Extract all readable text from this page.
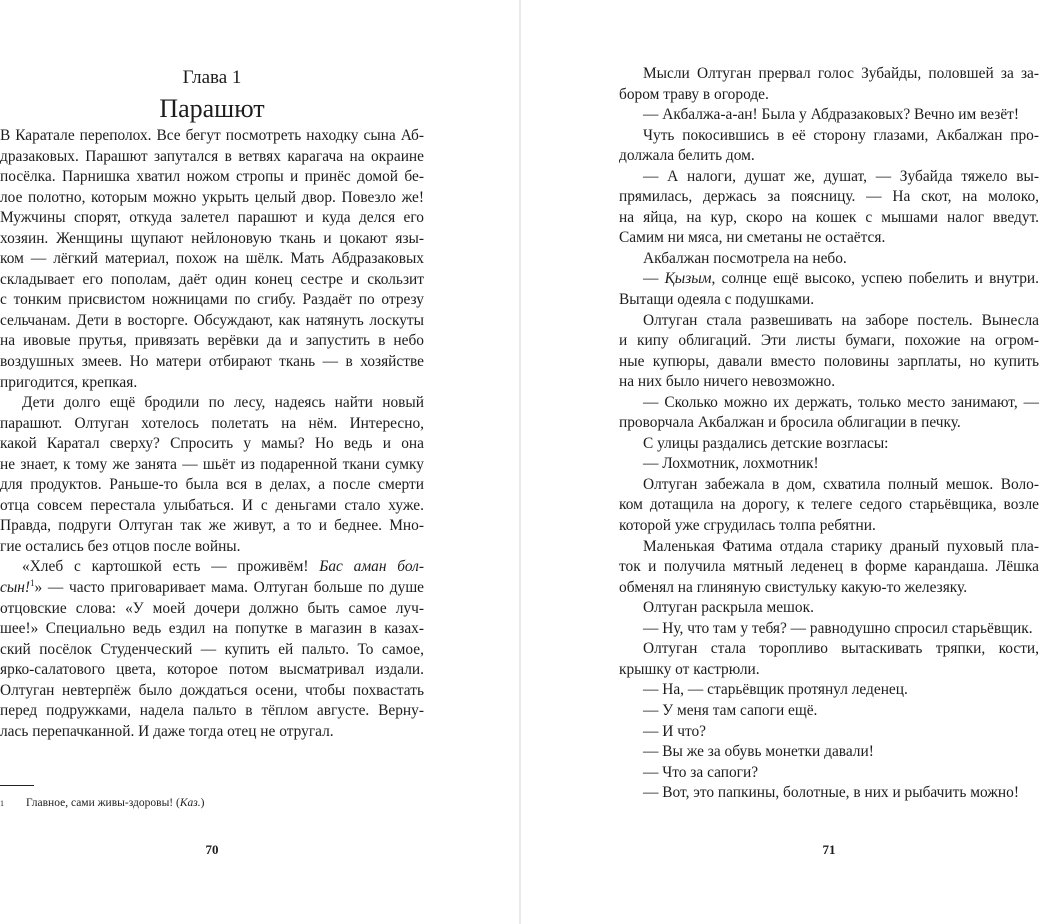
Глава 1
Парашют
В Каратале переполох. Все бегут посмотреть находку сына Аб-
дразаковых. Парашют запутался в ветвях карагача на окраине
посёлка. Парнишка хватил ножом стропы и принёс домой бе-
лое полотно, которым можно укрыть целый двор. Повезло же!
Мужчины спорят, откуда залетел парашют и куда делся его
хозяин. Женщины щупают нейлоновую ткань и цокают язы-
ком — лёгкий материал, похож на шёлк. Мать Абдразаковых
складывает его пополам, даёт один конец сестре и скользит
с тонким присвистом ножницами по сгибу. Раздаёт по отрезу
сельчанам. Дети в восторге. Обсуждают, как натянуть лоскуты
на ивовые прутья, привязать верёвки да и запустить в небо
воздушных змеев. Но матери отбирают ткань — в хозяйстве
пригодится, крепкая.
Дети долго ещё бродили по лесу, надеясь найти новый
парашют. Олтуган хотелось полетать на нём. Интересно,
какой Каратал сверху? Спросить у мамы? Но ведь и она
не знает, к тому же занята — шьёт из подаренной ткани сумку
для продуктов. Раньше-то была вся в делах, а после смерти
отца совсем перестала улыбаться. И с деньгами стало хуже.
Правда, подруги Олтуган так же живут, а то и беднее. Мно-
гие остались без отцов после войны.
«Хлеб с картошкой есть — проживём! Бас аман бол-
сын!$^1$» — часто приговаривает мама. Олтуган больше по душе
отцовские слова: «У моей дочери должно быть самое луч-
шее!» Специально ведь ездил на попутке в магазин в казах-
ский посёлок Студенческий — купить ей пальто. То самое,
ярко-салатового цвета, которое потом высматривал издали.
Олтуган невтерпёж было дождаться осени, чтобы похвастать
перед подружками, надела пальто в тёплом августе. Верну-
лась перепачканной. И даже тогда отец не отругал.
1 Главное, сами живы-здоровы! (Каз.)
70
Мысли Олтуган прервал голос Зубайды, половшей за за-
бором траву в огороде.
— Акбалжа-а-ан! Была у Абдразаковых? Вечно им везёт!
Чуть покосившись в её сторону глазами, Акбалжан про-
должала белить дом.
— А налоги, душат же, душат, — Зубайда тяжело вы-
прямилась, держась за поясницу. — На скот, на молоко,
на яйца, на кур, скоро на кошек с мышами налог введут.
Самим ни мяса, ни сметаны не остаётся.
Акбалжан посмотрела на небо.
— Қызым, солнце ещё высоко, успею побелить и внутри.
Вытащи одеяла с подушками.
Олтуган стала развешивать на заборе постель. Вынесла
и кипу облигаций. Эти листы бумаги, похожие на огром-
ные купюры, давали вместо половины зарплаты, но купить
на них было ничего невозможно.
— Сколько можно их держать, только место занимают, —
проворчала Акбалжан и бросила облигации в печку.
С улицы раздались детские возгласы:
— Лохмотник, лохмотник!
Олтуган забежала в дом, схватила полный мешок. Воло-
ком дотащила на дорогу, к телеге седого старьёвщика, возле
которой уже сгрудилась толпа ребятни.
Маленькая Фатима отдала старику драный пуховый плa-
ток и получила мятный леденец в форме карандаша. Лёшка
обменял на глиняную свистульку какую-то железяку.
Олтуган раскрыла мешок.
— Ну, что там у тебя? — равнодушно спросил старьёвщик.
Олтуган стала торопливо вытаскивать тряпки, кости,
крышку от кастрюли.
— На, — старьёвщик протянул леденец.
— У меня там сапоги ещё.
— И что?
— Вы же за обувь монетки давали!
— Что за сапоги?
— Вот, это папкины, болотные, в них и рыбачить можно!
71
